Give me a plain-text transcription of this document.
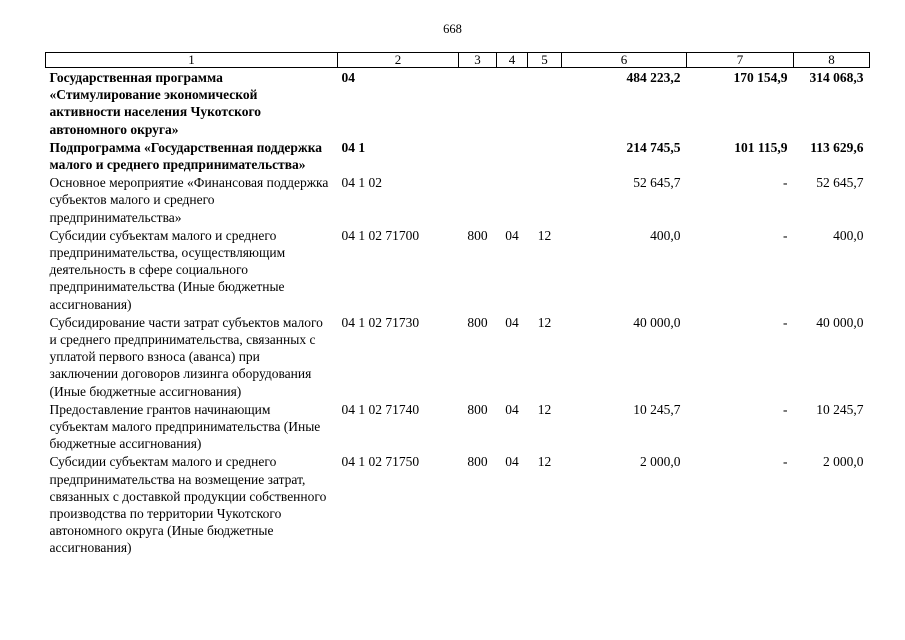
668
1	2	3	4	5	6	7	8
Государственная программа «Стимулирование экономической активности населения Чукотского автономного округа»	04				484 223,2	170 154,9	314 068,3
Подпрограмма «Государственная поддержка малого и среднего предпринимательства»	04 1				214 745,5	101 115,9	113 629,6
Основное мероприятие «Финансовая поддержка субъектов малого и среднего предпринимательства»	04 1 02				52 645,7	-	52 645,7
Субсидии субъектам малого и среднего предпринимательства, осуществляющим деятельность в сфере социального предпринимательства (Иные бюджетные ассигнования)	04 1 02 71700	800	04	12	400,0	-	400,0
Субсидирование части затрат субъектов малого и среднего предпринимательства, связанных с уплатой первого взноса (аванса) при заключении договоров лизинга оборудования (Иные бюджетные ассигнования)	04 1 02 71730	800	04	12	40 000,0	-	40 000,0
Предоставление грантов начинающим субъектам малого предпринимательства (Иные бюджетные ассигнования)	04 1 02 71740	800	04	12	10 245,7	-	10 245,7
Субсидии субъектам малого и среднего предпринимательства на возмещение затрат, связанных с доставкой продукции собственного производства по территории Чукотского автономного округа (Иные бюджетные ассигнования)	04 1 02 71750	800	04	12	2 000,0	-	2 000,0
